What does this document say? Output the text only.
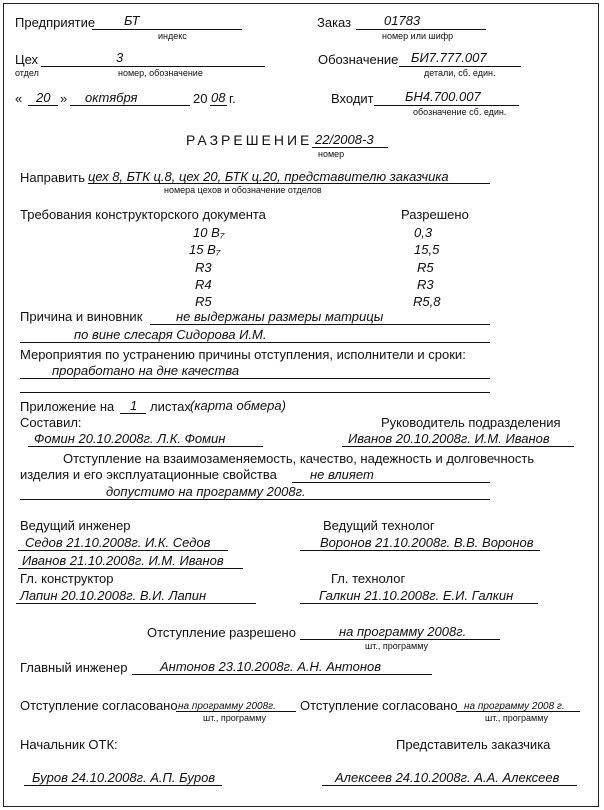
Предприятие БТ
индекс
Заказ	01783
номер или шифр
Цех	3
отдел	номер, обозначение
Обозначение БИ7.777.007
детали, сб. един.
« 20 » октября	20 08 г.	Входит БН4.700.007
обозначение сб. един.
РАЗРЕШЕНИЕ 22/2008-3
номер
Направить цех 8, БТК ц.8, цех 20, БТК ц.20, представителю заказчика
номера цехов и обозначение отделов
Требования конструкторского документа	Разрешено
10 В₇	0,3
15 В₇	15,5
R3	R5
R4	R3
R5	R5,8
Причина и виновник	не выдержаны размеры матрицы
по вине слесаря Сидорова И.М.
Мероприятия по устранению причины отступления, исполнители и сроки:
проработано на дне качества
Приложение на 1 листах (карта обмера)
Составил:	Руководитель подразделения
Фомин 20.10.2008г. Л.К. Фомин	Иванов 20.10.2008г. И.М. Иванов
Отступление на взаимозаменяемость, качество, надежность и долговечность
изделия и его эксплуатационные свойства	не влияет
допустимо на программу 2008г.
Ведущий инженер	Ведущий технолог
Седов 21.10.2008г. И.К. Седов	Воронов 21.10.2008г. В.В. Воронов
Иванов 21.10.2008г. И.М. Иванов
Гл. конструктор	Гл. технолог
Лапин 20.10.2008г. В.И. Лапин	Галкин 21.10.2008г. Е.И. Галкин
Отступление разрешено	на программу 2008г.
шт., программу
Главный инженер	Антонов 23.10.2008г. А.Н. Антонов
Отступление согласовано на программу 2008г.
шт., программу
Отступление согласовано на программу 2008 г.
шт., программу
Начальник ОТК:	Представитель заказчика
Буров 24.10.2008г. А.П. Буров	Алексеев 24.10.2008г. А.А. Алексеев
